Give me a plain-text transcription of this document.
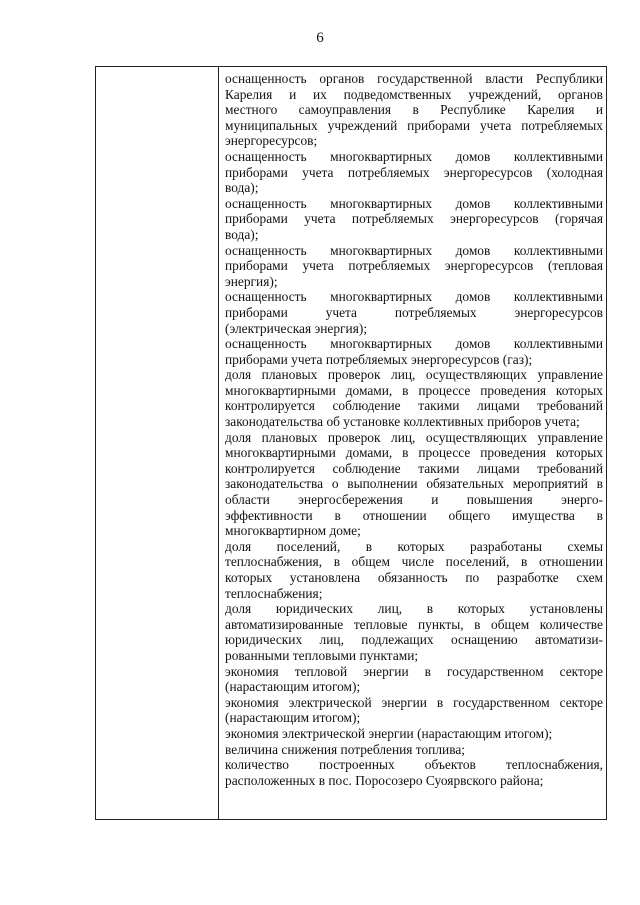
6
оснащенность органов государственной власти Республики
Карелия и их подведомственных учреждений, органов
местного самоуправления в Республике Карелия и
муниципальных учреждений приборами учета потребляемых
энергоресурсов;
оснащенность многоквартирных домов коллективными
приборами учета потребляемых энергоресурсов (холодная
вода);
оснащенность многоквартирных домов коллективными
приборами учета потребляемых энергоресурсов (горячая
вода);
оснащенность многоквартирных домов коллективными
приборами учета потребляемых энергоресурсов (тепловая
энергия);
оснащенность многоквартирных домов коллективными
приборами учета потребляемых энергоресурсов
(электрическая энергия);
оснащенность многоквартирных домов коллективными
приборами учета потребляемых энергоресурсов (газ);
доля плановых проверок лиц, осуществляющих управление
многоквартирными домами, в процессе проведения которых
контролируется соблюдение такими лицами требований
законодательства об установке коллективных приборов учета;
доля плановых проверок лиц, осуществляющих управление
многоквартирными домами, в процессе проведения которых
контролируется соблюдение такими лицами требований
законодательства о выполнении обязательных мероприятий в
области энергосбережения и повышения энерго-
эффективности в отношении общего имущества в
многоквартирном доме;
доля поселений, в которых разработаны схемы
теплоснабжения, в общем числе поселений, в отношении
которых установлена обязанность по разработке схем
теплоснабжения;
доля юридических лиц, в которых установлены
автоматизированные тепловые пункты, в общем количестве
юридических лиц, подлежащих оснащению автоматизи-
рованными тепловыми пунктами;
экономия тепловой энергии в государственном секторе
(нарастающим итогом);
экономия электрической энергии в государственном секторе
(нарастающим итогом);
экономия электрической энергии (нарастающим итогом);
величина снижения потребления топлива;
количество построенных объектов теплоснабжения,
расположенных в пос. Поросозеро Суоярвского района;
